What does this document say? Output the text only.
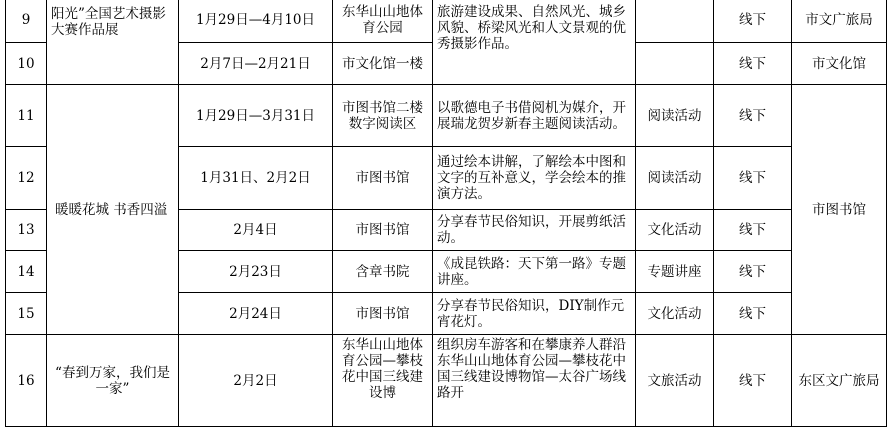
9	阳光”全国艺术摄影大赛作品展	1月29日—4月10日	东华山山地体育公园	旅游建设成果、自然风光、城乡风貌、桥梁风光和人文景观的优秀摄影作品。		线下	市文广旅局
10		2月7日—2月21日	市文化馆一楼			线下	市文化馆
11	暖暖花城 书香四溢	1月29日—3月31日	市图书馆二楼数字阅读区	以歌德电子书借阅机为媒介，开展瑞龙贺岁新春主题阅读活动。	阅读活动	线下	市图书馆
12		1月31日、2月2日	市图书馆	通过绘本讲解，了解绘本中图和文字的互补意义，学会绘本的推演方法。	阅读活动	线下	
13		2月4日	市图书馆	分享春节民俗知识，开展剪纸活动。	文化活动	线下	
14		2月23日	含章书院	《成昆铁路：天下第一路》专题讲座。	专题讲座	线下	
15		2月24日	市图书馆	分享春节民俗知识，DIY制作元宵花灯。	文化活动	线下	
16	“春到万家，我们是一家”	2月2日	东华山山地体育公园—攀枝花中国三线建设博	组织房车游客和在攀康养人群沿东华山山地体育公园—攀枝花中国三线建设博物馆—太谷广场线路开	文旅活动	线下	东区文广旅局
